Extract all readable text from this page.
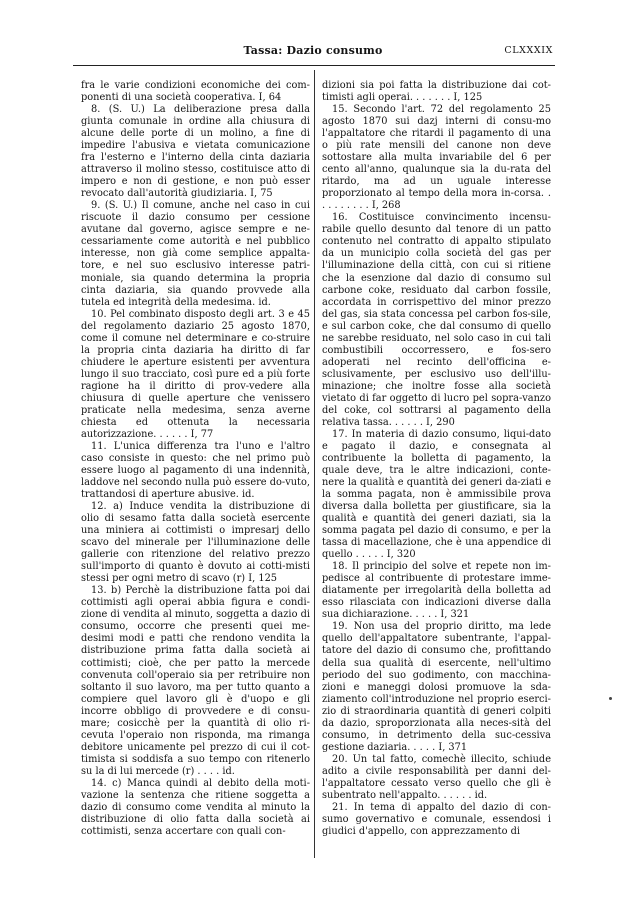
Tassa: Dazio consumo	CLXXXIX

fra le varie condizioni economiche dei com-ponenti di una società cooperativa. I, 64

8. (S. U.) La deliberazione presa dalla giunta comunale in ordine alla chiusura di alcune delle porte di un molino, a fine di impedire l'abusiva e vietata comunicazione fra l'esterno e l'interno della cinta daziaria attraverso il molino stesso, costituisce atto di impero e non di gestione, e non può esser revocato dall'autorità giudiziaria. I, 75

9. (S. U.) Il comune, anche nel caso in cui riscuote il dazio consumo per cessione avutane dal governo, agisce sempre e ne-cessariamente come autorità e nel pubblico interesse, non già come semplice appalta-tore, e nel suo esclusivo interesse patri-moniale, sia quando determina la propria cinta daziaria, sia quando provvede alla tutela ed integrità della medesima. id.

10. Pel combinato disposto degli art. 3 e 45 del regolamento daziario 25 agosto 1870, come il comune nel determinare e co-struire la propria cinta daziaria ha diritto di far chiudere le aperture esistenti per avventura lungo il suo tracciato, così pure ed a più forte ragione ha il diritto di prov-vedere alla chiusura di quelle aperture che venissero praticate nella medesima, senza averne chiesta ed ottenuta la necessaria autorizzazione. . . . . . I, 77

11. L'unica differenza tra l'uno e l'altro caso consiste in questo: che nel primo può essere luogo al pagamento di una indennità, laddove nel secondo nulla può essere do-vuto, trattandosi di aperture abusive. id.

12. a) Induce vendita la distribuzione di olio di sesamo fatta dalla società esercente una miniera ai cottimisti o impresarj dello scavo del minerale per l'illuminazione delle gallerie con ritenzione del relativo prezzo sull'importo di quanto è dovuto ai cotti-misti stessi per ogni metro di scavo (r) I, 125

13. b) Perchè la distribuzione fatta poi dai cottimisti agli operai abbia figura e condi-zione di vendita al minuto, soggetta a dazio di consumo, occorre che presenti quei me-desimi modi e patti che rendono vendita la distribuzione prima fatta dalla società ai cottimisti; cioè, che per patto la mercede convenuta coll'operaio sia per retribuire non soltanto il suo lavoro, ma per tutto quanto a compiere quel lavoro gli è d'uopo e gli incorre obbligo di provvedere e di consu-mare; cosicchè per la quantità di olio ri-cevuta l'operaio non risponda, ma rimanga debitore unicamente pel prezzo di cui il cot-timista si soddisfa a suo tempo con ritenerlo su la di lui mercede (r) . . . . id.

14. c) Manca quindi al debito della moti-vazione la sentenza che ritiene soggetta a dazio di consumo come vendita al minuto la distribuzione di olio fatta dalla società ai cottimisti, senza accertare con quali con-

dizioni sia poi fatta la distribuzione dai cot-timisti agli operai. . . . . . . I, 125

15. Secondo l'art. 72 del regolamento 25 agosto 1870 sui dazj interni di consu-mo l'appaltatore che ritardi il pagamento di una o più rate mensili del canone non deve sottostare alla multa invariabile del 6 per cento all'anno, qualunque sia la du-rata del ritardo, ma ad un uguale interesse proporzionato al tempo della mora in-corsa. . . . . . . . . . I, 268

16. Costituisce convincimento incensu-rabile quello desunto dal tenore di un patto contenuto nel contratto di appalto stipulato da un municipio colla società del gas per l'illuminazione della città, con cui si ritiene che la esenzione dal dazio di consumo sul carbone coke, residuato dal carbon fossile, accordata in corrispettivo del minor prezzo del gas, sia stata concessa pel carbon fos-sile, e sul carbon coke, che dal consumo di quello ne sarebbe residuato, nel solo caso in cui tali combustibili occorressero, e fos-sero adoperati nel recinto dell'officina e-sclusivamente, per esclusivo uso dell'illu-minazione; che inoltre fosse alla società vietato di far oggetto di lucro pel sopra-vanzo del coke, col sottrarsi al pagamento della relativa tassa. . . . . . I, 290

17. In materia di dazio consumo, liqui-dato e pagato il dazio, e consegnata al contribuente la bolletta di pagamento, la quale deve, tra le altre indicazioni, conte-nere la qualità e quantità dei generi da-ziati e la somma pagata, non è ammissibile prova diversa dalla bolletta per giustificare, sia la qualità e quantità dei generi daziati, sia la somma pagata pel dazio di consumo, e per la tassa di macellazione, che è una appendice di quello . . . . . I, 320

18. Il principio del solve et repete non im-pedisce al contribuente di protestare imme-diatamente per irregolarità della bolletta ad esso rilasciata con indicazioni diverse dalla sua dichiarazione. . . . . I, 321

19. Non usa del proprio diritto, ma lede quello dell'appaltatore subentrante, l'appal-tatore del dazio di consumo che, profittando della sua qualità di esercente, nell'ultimo periodo del suo godimento, con macchina-zioni e maneggi dolosi promuove la sda-ziamento coll'introduzione nel proprio eserci-zio di straordinaria quantità di generi colpiti da dazio, sproporzionata alla neces-sità del consumo, in detrimento della suc-cessiva gestione daziaria. . . . . I, 371

20. Un tal fatto, comechè illecito, schiude adito a civile responsabilità per danni del-l'appaltatore cessato verso quello che gli è subentrato nell'appalto. . . . . . id.

21. In tema di appalto del dazio di con-sumo governativo e comunale, essendosi i giudici d'appello, con apprezzamento di
